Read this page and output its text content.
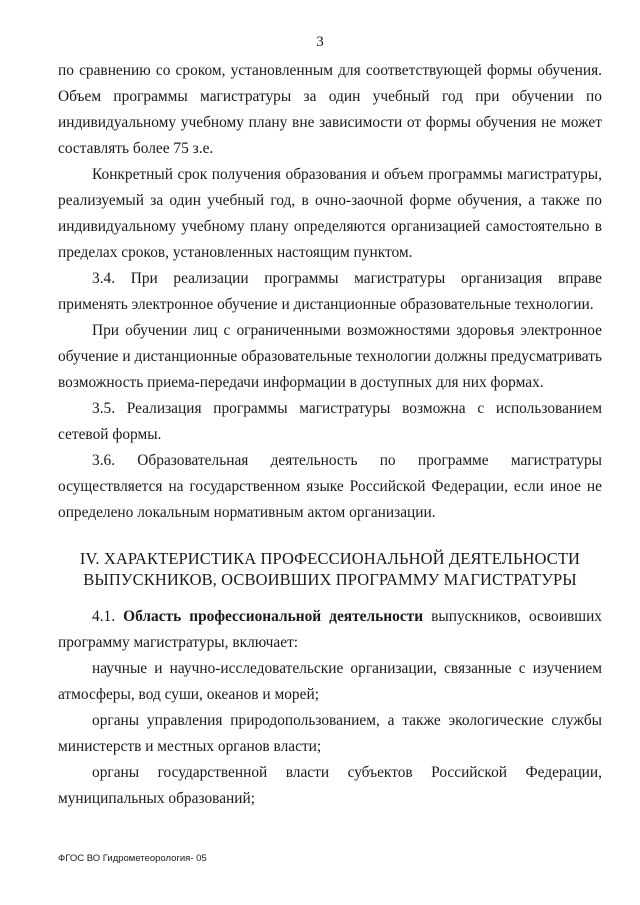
3

по сравнению со сроком, установленным для соответствующей формы обучения. Объем программы магистратуры за один учебный год при обучении по индивидуальному учебному плану вне зависимости от формы обучения не может составлять более 75 з.е.

Конкретный срок получения образования и объем программы магистратуры, реализуемый за один учебный год, в очно-заочной форме обучения, а также по индивидуальному учебному плану определяются организацией самостоятельно в пределах сроков, установленных настоящим пунктом.

3.4. При реализации программы магистратуры организация вправе применять электронное обучение и дистанционные образовательные технологии.

При обучении лиц с ограниченными возможностями здоровья электронное обучение и дистанционные образовательные технологии должны предусматривать возможность приема-передачи информации в доступных для них формах.

3.5. Реализация программы магистратуры возможна с использованием сетевой формы.

3.6. Образовательная деятельность по программе магистратуры осуществляется на государственном языке Российской Федерации, если иное не определено локальным нормативным актом организации.

IV. ХАРАКТЕРИСТИКА ПРОФЕССИОНАЛЬНОЙ ДЕЯТЕЛЬНОСТИ
ВЫПУСКНИКОВ, ОСВОИВШИХ ПРОГРАММУ МАГИСТРАТУРЫ

4.1. Область профессиональной деятельности выпускников, освоивших программу магистратуры, включает:

научные и научно-исследовательские организации, связанные с изучением атмосферы, вод суши, океанов и морей;

органы управления природопользованием, а также экологические службы министерств и местных органов власти;

органы государственной власти субъектов Российской Федерации, муниципальных образований;

ФГОС ВО Гидрометеорология- 05
